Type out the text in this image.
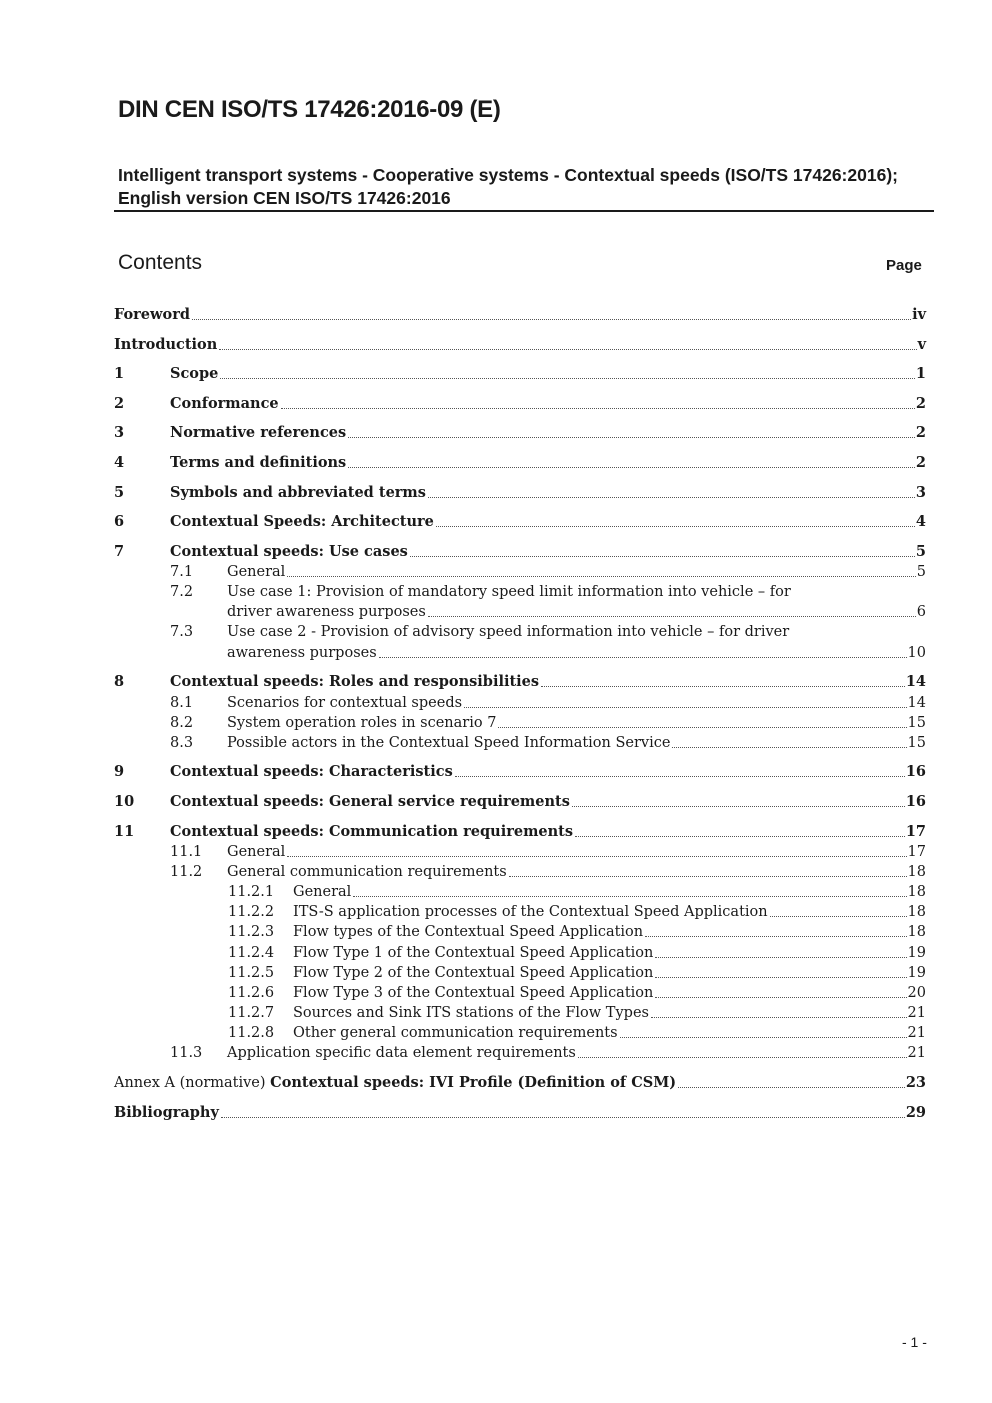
DIN CEN ISO/TS 17426:2016-09 (E)
Intelligent transport systems - Cooperative systems - Contextual speeds (ISO/TS 17426:2016); English version CEN ISO/TS 17426:2016
Contents	Page
Foreword	iv
Introduction	v
1	Scope	1
2	Conformance	2
3	Normative references	2
4	Terms and definitions	2
5	Symbols and abbreviated terms	3
6	Contextual Speeds: Architecture	4
7	Contextual speeds: Use cases	5
7.1 General	5
7.2 Use case 1: Provision of mandatory speed limit information into vehicle – for
driver awareness purposes	6
7.3 Use case 2 - Provision of advisory speed information into vehicle – for driver
awareness purposes	10
8	Contextual speeds: Roles and responsibilities	14
8.1 Scenarios for contextual speeds	14
8.2 System operation roles in scenario 7	15
8.3 Possible actors in the Contextual Speed Information Service	15
9	Contextual speeds: Characteristics	16
10 Contextual speeds: General service requirements	16
11 Contextual speeds: Communication requirements	17
11.1 General	17
11.2 General communication requirements	18
11.2.1 General	18
11.2.2 ITS-S application processes of the Contextual Speed Application	18
11.2.3 Flow types of the Contextual Speed Application	18
11.2.4 Flow Type 1 of the Contextual Speed Application	19
11.2.5 Flow Type 2 of the Contextual Speed Application	19
11.2.6 Flow Type 3 of the Contextual Speed Application	20
11.2.7 Sources and Sink ITS stations of the Flow Types	21
11.2.8 Other general communication requirements	21
11.3 Application specific data element requirements	21
Annex A (normative) Contextual speeds: IVI Profile (Definition of CSM)	23
Bibliography	29
- 1 -
